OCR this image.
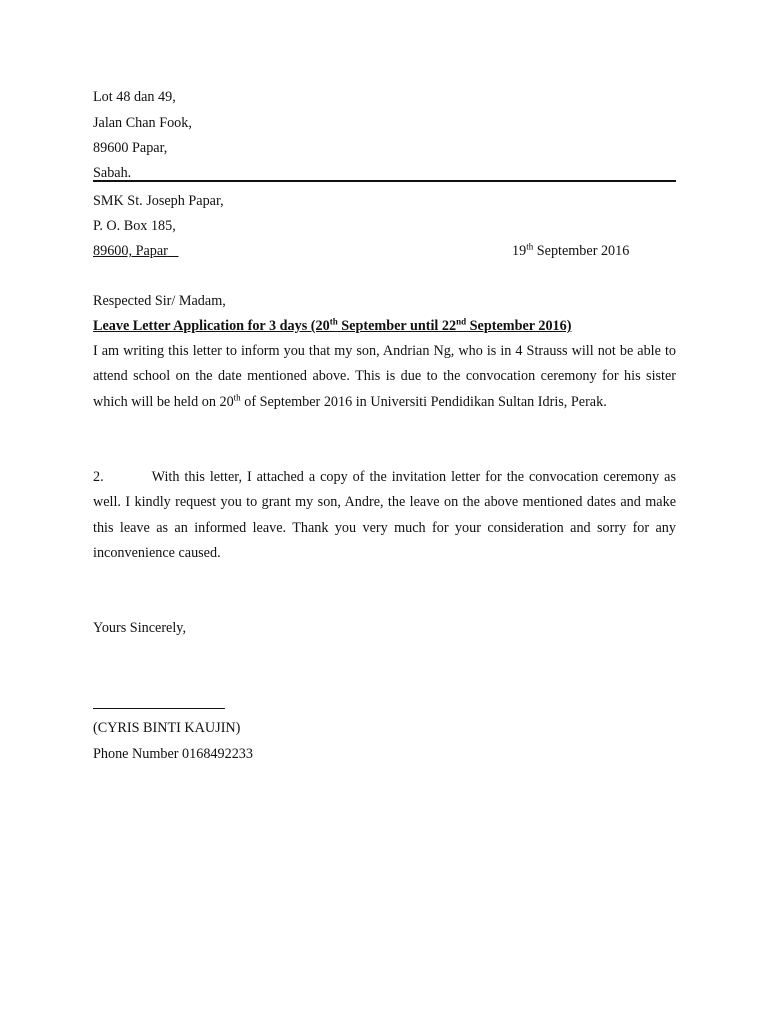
Lot 48 dan 49,
Jalan Chan Fook,
89600 Papar,
Sabah.
SMK St. Joseph Papar,
P. O. Box 185,
89600, Papar	19th September 2016
Respected Sir/ Madam,
Leave Letter Application for 3 days (20th September until 22nd September 2016)
I am writing this letter to inform you that my son, Andrian Ng, who is in 4 Strauss will not be able to attend school on the date mentioned above. This is due to the convocation ceremony for his sister which will be held on 20th of September 2016 in Universiti Pendidikan Sultan Idris, Perak.
2.	With this letter, I attached a copy of the invitation letter for the convocation ceremony as well. I kindly request you to grant my son, Andre, the leave on the above mentioned dates and make this leave as an informed leave. Thank you very much for your consideration and sorry for any inconvenience caused.
Yours Sincerely,
(CYRIS BINTI KAUJIN)
Phone Number 0168492233
